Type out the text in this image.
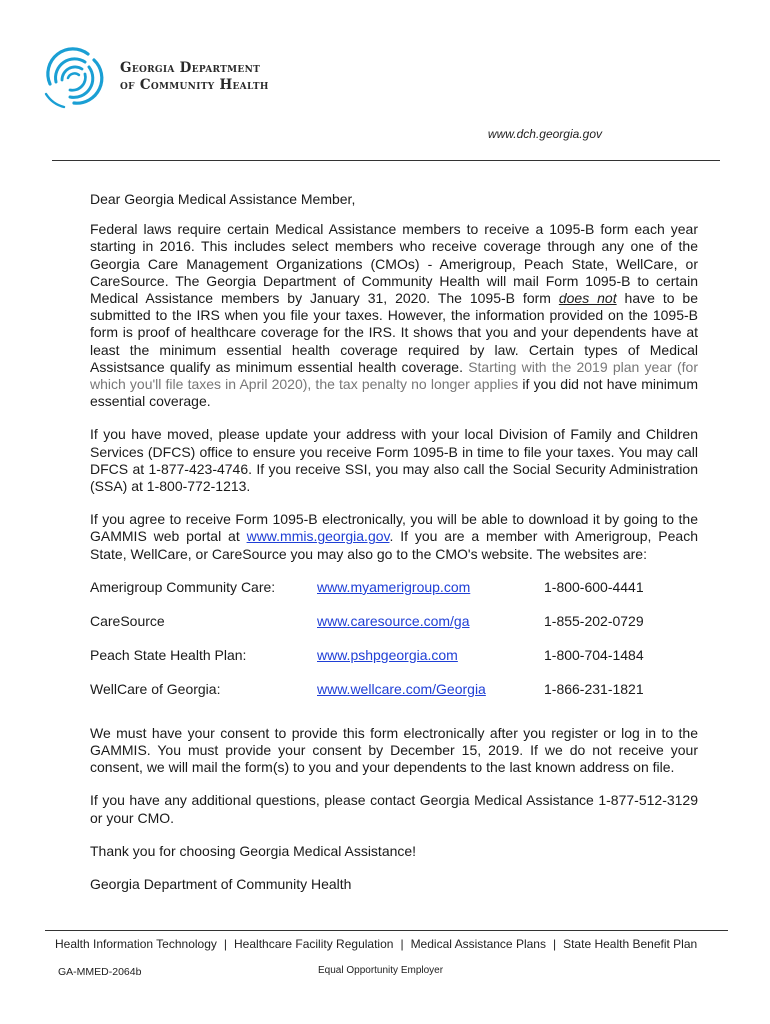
Georgia Department
of Community Health
www.dch.georgia.gov

Dear Georgia Medical Assistance Member,

Federal laws require certain Medical Assistance members to receive a 1095-B form each year starting in 2016. This includes select members who receive coverage through any one of the Georgia Care Management Organizations (CMOs) - Amerigroup, Peach State, WellCare, or CareSource. The Georgia Department of Community Health will mail Form 1095-B to certain Medical Assistance members by January 31, 2020. The 1095-B form does not have to be submitted to the IRS when you file your taxes. However, the information provided on the 1095-B form is proof of healthcare coverage for the IRS. It shows that you and your dependents have at least the minimum essential health coverage required by law. Certain types of Medical Assistsance qualify as minimum essential health coverage. Starting with the 2019 plan year (for which you'll file taxes in April 2020), the tax penalty no longer applies if you did not have minimum essential coverage.

If you have moved, please update your address with your local Division of Family and Children Services (DFCS) office to ensure you receive Form 1095-B in time to file your taxes. You may call DFCS at 1-877-423-4746. If you receive SSI, you may also call the Social Security Administration (SSA) at 1-800-772-1213.

If you agree to receive Form 1095-B electronically, you will be able to download it by going to the GAMMIS web portal at www.mmis.georgia.gov. If you are a member with Amerigroup, Peach State, WellCare, or CareSource you may also go to the CMO's website. The websites are:

Amerigroup Community Care:	www.myamerigroup.com	1-800-600-4441
CareSource	www.caresource.com/ga	1-855-202-0729
Peach State Health Plan:	www.pshpgeorgia.com	1-800-704-1484
WellCare of Georgia:	www.wellcare.com/Georgia	1-866-231-1821

We must have your consent to provide this form electronically after you register or log in to the GAMMIS. You must provide your consent by December 15, 2019. If we do not receive your consent, we will mail the form(s) to you and your dependents to the last known address on file.

If you have any additional questions, please contact Georgia Medical Assistance 1-877-512-3129 or your CMO.

Thank you for choosing Georgia Medical Assistance!

Georgia Department of Community Health

Health Information Technology | Healthcare Facility Regulation | Medical Assistance Plans | State Health Benefit Plan
GA-MMED-2064b	Equal Opportunity Employer
